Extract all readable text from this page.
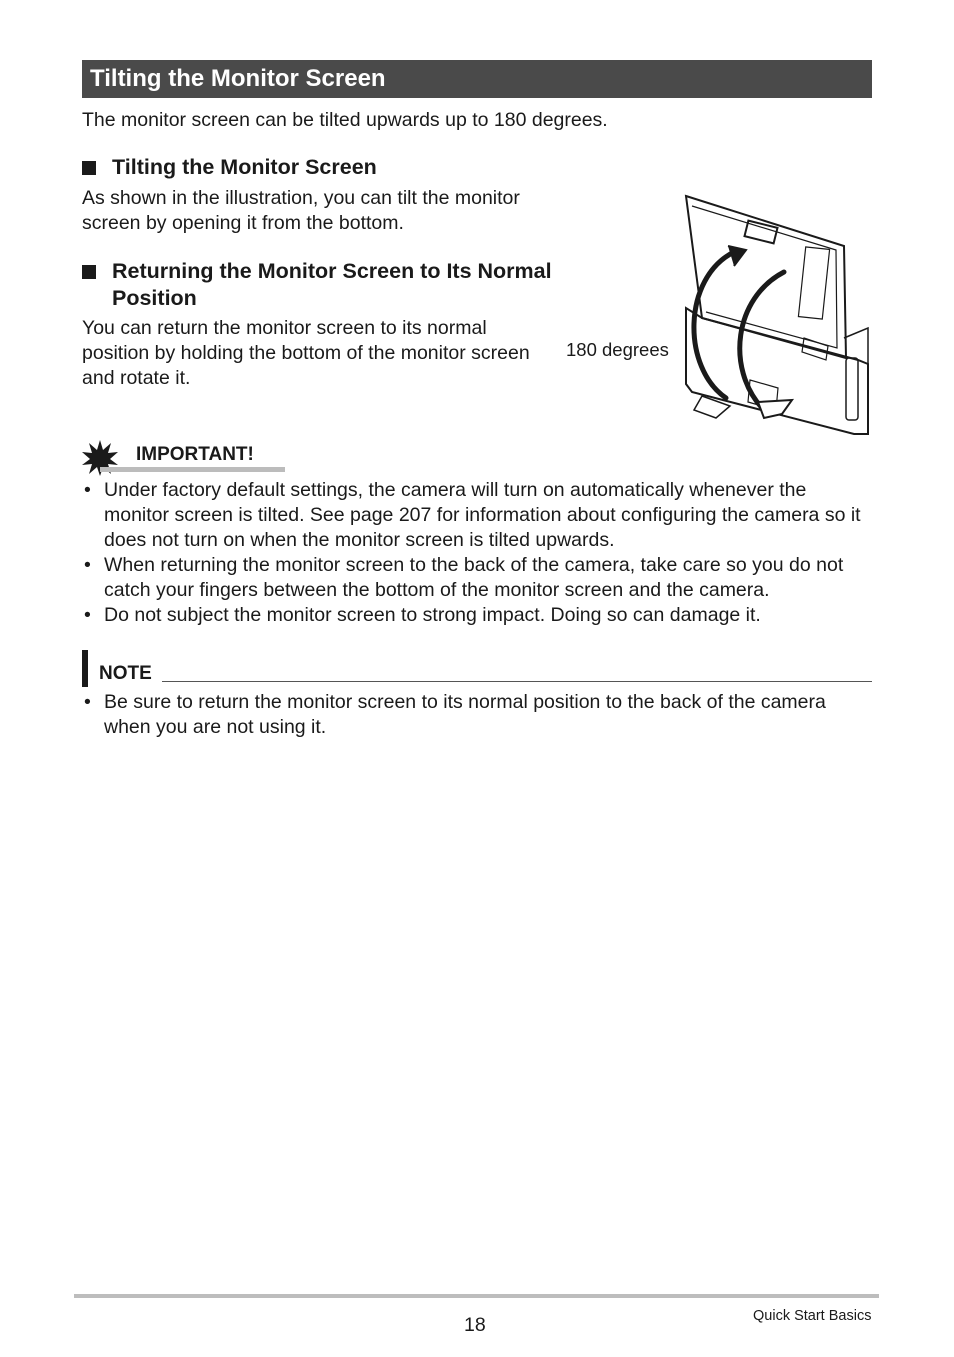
Tilting the Monitor Screen
The monitor screen can be tilted upwards up to 180 degrees.
Tilting the Monitor Screen
As shown in the illustration, you can tilt the monitor screen by opening it from the bottom.
Returning the Monitor Screen to Its Normal Position
You can return the monitor screen to its normal position by holding the bottom of the monitor screen and rotate it.
180 degrees
IMPORTANT!
• Under factory default settings, the camera will turn on automatically whenever the monitor screen is tilted. See page 207 for information about configuring the camera so it does not turn on when the monitor screen is tilted upwards.
• When returning the monitor screen to the back of the camera, take care so you do not catch your fingers between the bottom of the monitor screen and the camera.
• Do not subject the monitor screen to strong impact. Doing so can damage it.
NOTE
• Be sure to return the monitor screen to its normal position to the back of the camera when you are not using it.
18	Quick Start Basics
